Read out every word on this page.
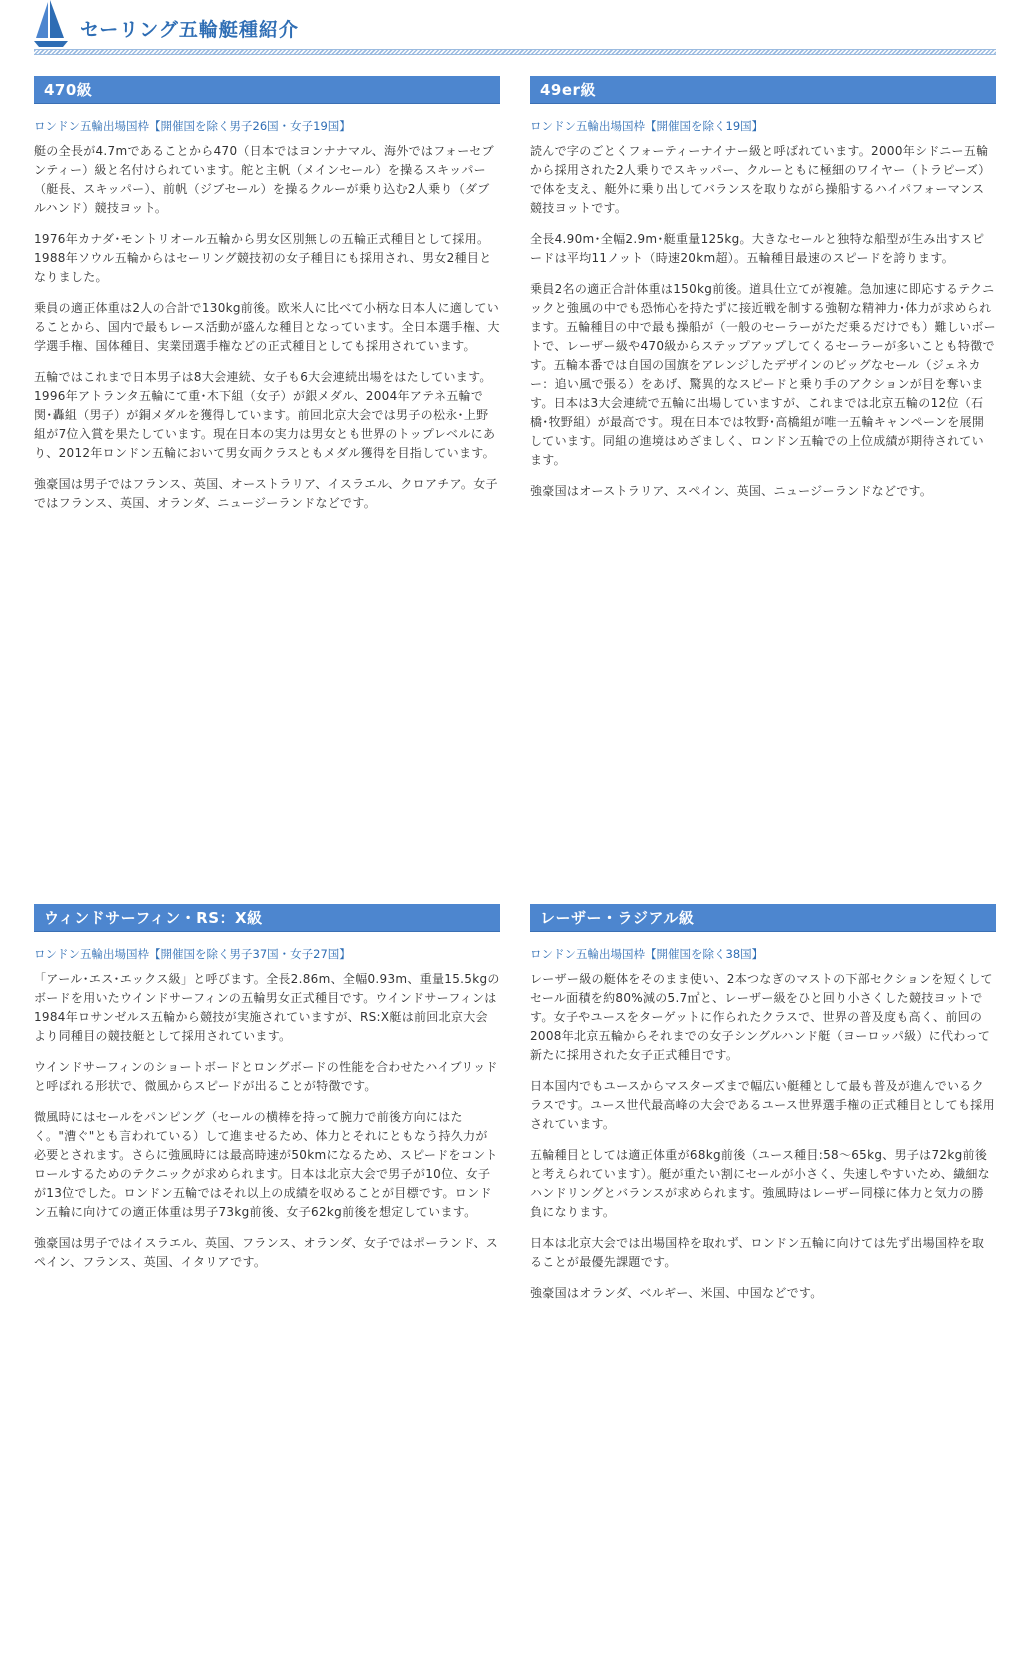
セーリング五輪艇種紹介
470級
ロンドン五輪出場国枠【開催国を除く男子26国・女子19国】

艇の全長が4.7mであることから470（日本ではヨンナナマル、海外ではフォーセブンティー）級と名付けられています。舵と主帆（メインセール）を操るスキッパー（艇長、スキッパー）、前帆（ジブセール）を操るクルーが乗り込む2人乗り（ダブルハンド）競技ヨット。

1976年カナダ･モントリオール五輪から男女区別無しの五輪正式種目として採用。1988年ソウル五輪からはセーリング競技初の女子種目にも採用され、男女2種目となりました。

乗員の適正体重は2人の合計で130kg前後。欧米人に比べて小柄な日本人に適していることから、国内で最もレース活動が盛んな種目となっています。全日本選手権、大学選手権、国体種目、実業団選手権などの正式種目としても採用されています。

五輪ではこれまで日本男子は8大会連続、女子も6大会連続出場をはたしています。1996年アトランタ五輪にて重･木下組（女子）が銀メダル、2004年アテネ五輪で関･轟組（男子）が銅メダルを獲得しています。前回北京大会では男子の松永･上野組が7位入賞を果たしています。現在日本の実力は男女とも世界のトップレベルにあり、2012年ロンドン五輪において男女両クラスともメダル獲得を目指しています。

強豪国は男子ではフランス、英国、オーストラリア、イスラエル、クロアチア。女子ではフランス、英国、オランダ、ニュージーランドなどです。

49er級
ロンドン五輪出場国枠【開催国を除く19国】

読んで字のごとくフォーティーナイナー級と呼ばれています。2000年シドニー五輪から採用された2人乗りでスキッパー、クルーともに極細のワイヤー（トラピーズ）で体を支え、艇外に乗り出してバランスを取りながら操船するハイパフォーマンス競技ヨットです。

全長4.90m･全幅2.9m･艇重量125kg。大きなセールと独特な船型が生み出すスピードは平均11ノット（時速20km超）。五輪種目最速のスピードを誇ります。

乗員2名の適正合計体重は150kg前後。道具仕立てが複雑。急加速に即応するテクニックと強風の中でも恐怖心を持たずに接近戦を制する強靭な精神力･体力が求められます。五輪種目の中で最も操船が（一般のセーラーがただ乗るだけでも）難しいボートで、レーザー級や470級からステップアップしてくるセーラーが多いことも特徴です。五輪本番では自国の国旗をアレンジしたデザインのビッグなセール（ジェネカー：追い風で張る）をあげ、驚異的なスピードと乗り手のアクションが目を奪います。日本は3大会連続で五輪に出場していますが、これまでは北京五輪の12位（石橋･牧野組）が最高です。現在日本では牧野･高橋組が唯一五輪キャンペーンを展開しています。同組の進境はめざましく、ロンドン五輪での上位成績が期待されています。

強豪国はオーストラリア、スペイン、英国、ニュージーランドなどです。

ウィンドサーフィン・RS：X級
ロンドン五輪出場国枠【開催国を除く男子37国・女子27国】

「アール･エス･エックス級」と呼びます。全長2.86m、全幅0.93m、重量15.5kgのボードを用いたウインドサーフィンの五輪男女正式種目です。ウインドサーフィンは1984年ロサンゼルス五輪から競技が実施されていますが、RS:X艇は前回北京大会より同種目の競技艇として採用されています。

ウインドサーフィンのショートボードとロングボードの性能を合わせたハイブリッドと呼ばれる形状で、微風からスピードが出ることが特徴です。

微風時にはセールをパンピング（セールの横棒を持って腕力で前後方向にはたく。"漕ぐ"とも言われている）して進ませるため、体力とそれにともなう持久力が必要とされます。さらに強風時には最高時速が50kmになるため、スピードをコントロールするためのテクニックが求められます。日本は北京大会で男子が10位、女子が13位でした。ロンドン五輪ではそれ以上の成績を収めることが目標です。ロンドン五輪に向けての適正体重は男子73kg前後、女子62kg前後を想定しています。

強豪国は男子ではイスラエル、英国、フランス、オランダ、女子ではポーランド、スペイン、フランス、英国、イタリアです。

レーザー・ラジアル級
ロンドン五輪出場国枠【開催国を除く38国】

レーザー級の艇体をそのまま使い、2本つなぎのマストの下部セクションを短くしてセール面積を約80%減の5.7㎡と、レーザー級をひと回り小さくした競技ヨットです。女子やユースをターゲットに作られたクラスで、世界の普及度も高く、前回の2008年北京五輪からそれまでの女子シングルハンド艇（ヨーロッパ級）に代わって新たに採用された女子正式種目です。

日本国内でもユースからマスターズまで幅広い艇種として最も普及が進んでいるクラスです。ユース世代最高峰の大会であるユース世界選手権の正式種目としても採用されています。

五輪種目としては適正体重が68kg前後（ユース種目:58～65kg、男子は72kg前後と考えられています）。艇が重たい割にセールが小さく、失速しやすいため、繊細なハンドリングとバランスが求められます。強風時はレーザー同様に体力と気力の勝負になります。

日本は北京大会では出場国枠を取れず、ロンドン五輪に向けては先ず出場国枠を取ることが最優先課題です。

強豪国はオランダ、ベルギー、米国、中国などです。
